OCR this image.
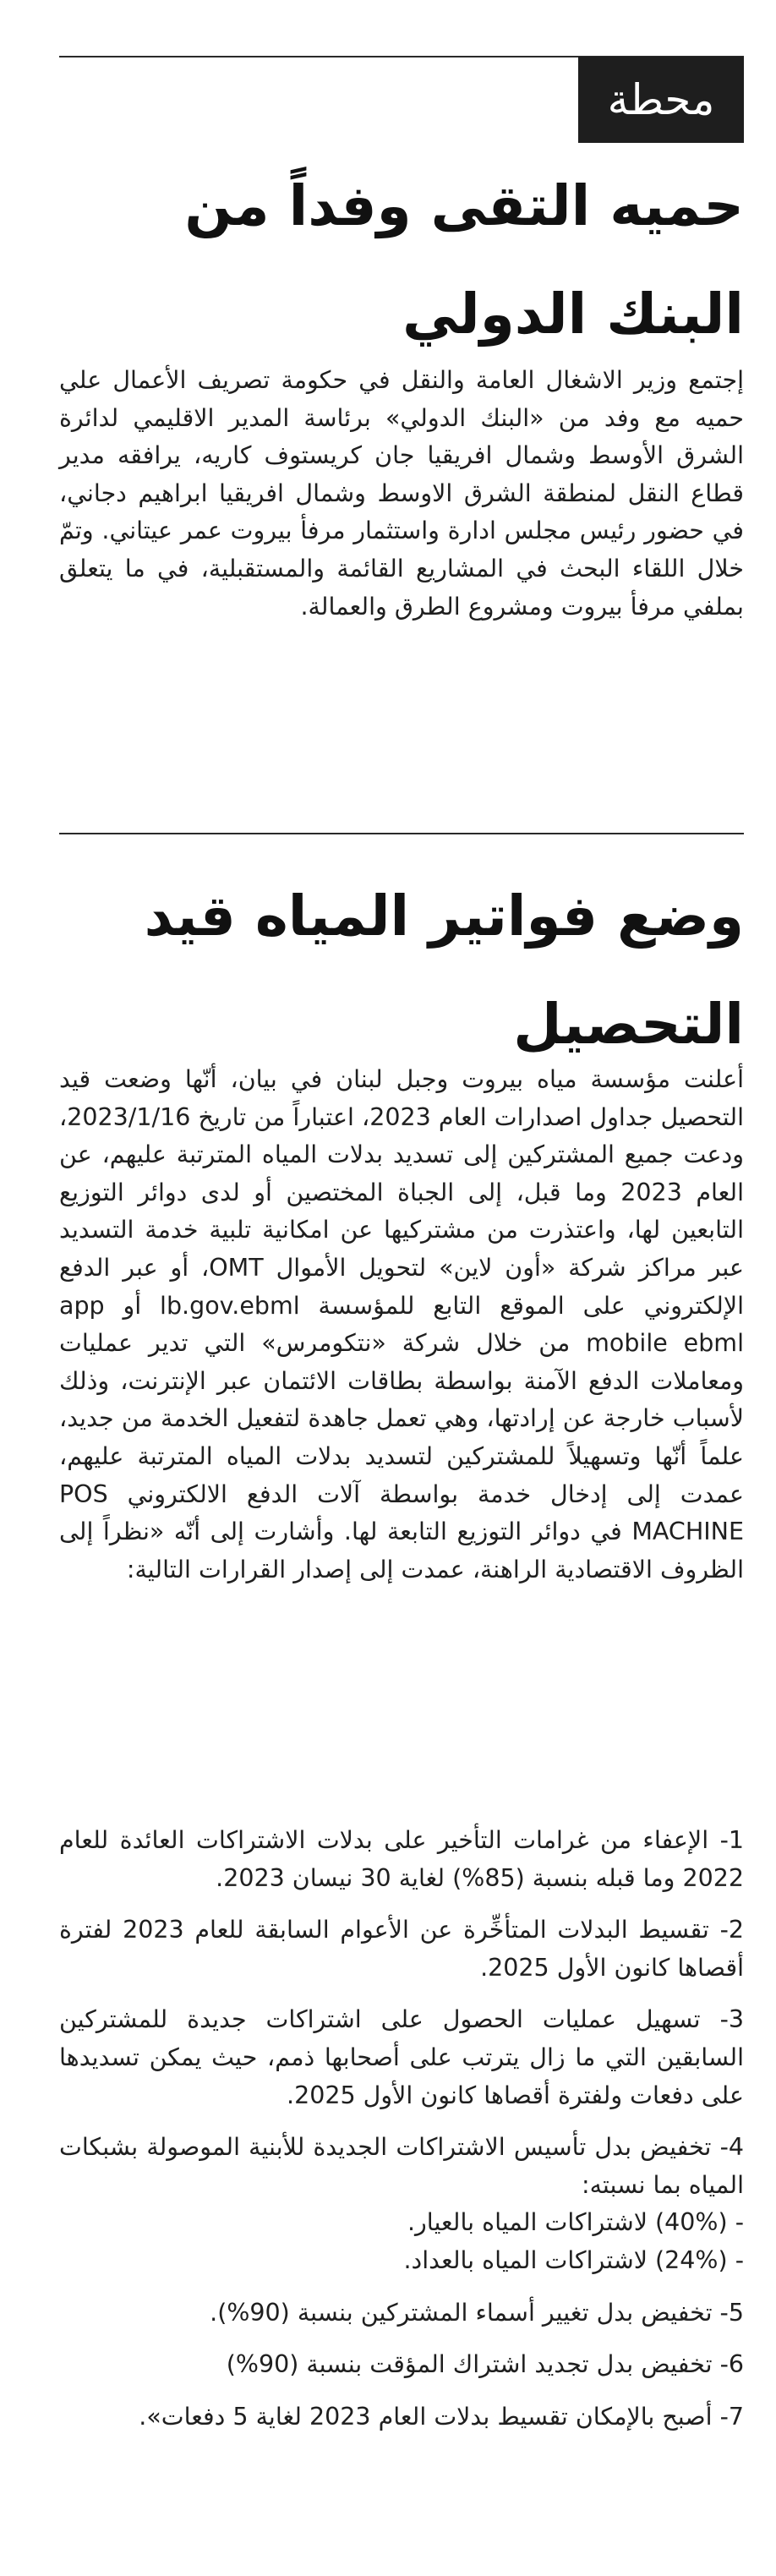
محطة
حميه التقى وفداً من البنك الدولي

إجتمع وزير الاشغال العامة والنقل في حكومة تصريف الأعمال علي حميه مع وفد من «البنك الدولي» برئاسة المدير الاقليمي لدائرة الشرق الأوسط وشمال افريقيا جان كريستوف كاريه، يرافقه مدير قطاع النقل لمنطقة الشرق الاوسط وشمال افريقيا ابراهيم دجاني، في حضور رئيس مجلس ادارة واستثمار مرفأ بيروت عمر عيتاني. وتمّ خلال اللقاء البحث في المشاريع القائمة والمستقبلية، في ما يتعلق بملفي مرفأ بيروت ومشروع الطرق والعمالة.

وضع فواتير المياه قيد التحصيل

أعلنت مؤسسة مياه بيروت وجبل لبنان في بيان، أنّها وضعت قيد التحصيل جداول اصدارات العام 2023، اعتباراً من تاريخ 2023/1/16، ودعت جميع المشتركين إلى تسديد بدلات المياه المترتبة عليهم، عن العام 2023 وما قبل، إلى الجباة المختصين أو لدى دوائر التوزيع التابعين لها، واعتذرت من مشتركيها عن امكانية تلبية خدمة التسديد عبر مراكز شركة «أون لاين» لتحويل الأموال OMT، أو عبر الدفع الإلكتروني على الموقع التابع للمؤسسة lb.gov.ebml أو app mobile ebml من خلال شركة «نتكومرس» التي تدير عمليات ومعاملات الدفع الآمنة بواسطة بطاقات الائتمان عبر الإنترنت، وذلك لأسباب خارجة عن إرادتها، وهي تعمل جاهدة لتفعيل الخدمة من جديد، علماً أنّها وتسهيلاً للمشتركين لتسديد بدلات المياه المترتبة عليهم، عمدت إلى إدخال خدمة بواسطة آلات الدفع الالكتروني POS MACHINE في دوائر التوزيع التابعة لها. وأشارت إلى أنّه «نظراً إلى الظروف الاقتصادية الراهنة، عمدت إلى إصدار القرارات التالية:

1- الإعفاء من غرامات التأخير على بدلات الاشتراكات العائدة للعام 2022 وما قبله بنسبة (85%) لغاية 30 نيسان 2023.

2- تقسيط البدلات المتأخِّرة عن الأعوام السابقة للعام 2023 لفترة أقصاها كانون الأول 2025.

3- تسهيل عمليات الحصول على اشتراكات جديدة للمشتركين السابقين التي ما زال يترتب على أصحابها ذمم، حيث يمكن تسديدها على دفعات ولفترة أقصاها كانون الأول 2025.

4- تخفيض بدل تأسيس الاشتراكات الجديدة للأبنية الموصولة بشبكات المياه بما نسبته:

- (40%) لاشتراكات المياه بالعيار.

- (24%) لاشتراكات المياه بالعداد.

5- تخفيض بدل تغيير أسماء المشتركين بنسبة (90%).

6- تخفيض بدل تجديد اشتراك المؤقت بنسبة (90%)

7- أصبح بالإمكان تقسيط بدلات العام 2023 لغاية 5 دفعات».
